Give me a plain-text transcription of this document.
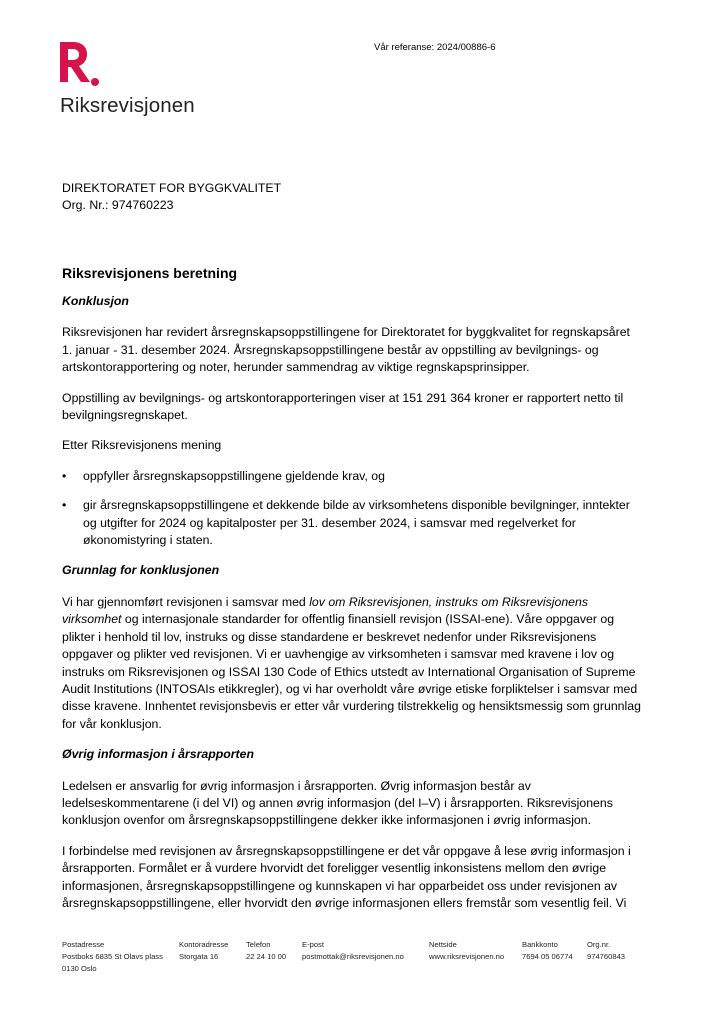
Riksrevisjonen
Vår referanse: 2024/00886-6
DIREKTORATET FOR BYGGKVALITET
Org. Nr.: 974760223
Riksrevisjonens beretning
Konklusjon

Riksrevisjonen har revidert årsregnskapsoppstillingene for Direktoratet for byggkvalitet for regnskapsåret 1. januar - 31. desember 2024. Årsregnskapsoppstillingene består av oppstilling av bevilgnings- og artskontorapportering og noter, herunder sammendrag av viktige regnskapsprinsipper.

Oppstilling av bevilgnings- og artskontorapporteringen viser at 151 291 364 kroner er rapportert netto til bevilgningsregnskapet.

Etter Riksrevisjonens mening

• oppfyller årsregnskapsoppstillingene gjeldende krav, og
• gir årsregnskapsoppstillingene et dekkende bilde av virksomhetens disponible bevilgninger, inntekter og utgifter for 2024 og kapitalposter per 31. desember 2024, i samsvar med regelverket for økonomistyring i staten.
Grunnlag for konklusjonen

Vi har gjennomført revisjonen i samsvar med lov om Riksrevisjonen, instruks om Riksrevisjonens virksomhet og internasjonale standarder for offentlig finansiell revisjon (ISSAI-ene). Våre oppgaver og plikter i henhold til lov, instruks og disse standardene er beskrevet nedenfor under Riksrevisjonens oppgaver og plikter ved revisjonen. Vi er uavhengige av virksomheten i samsvar med kravene i lov og instruks om Riksrevisjonen og ISSAI 130 Code of Ethics utstedt av International Organisation of Supreme Audit Institutions (INTOSAIs etikkregler), og vi har overholdt våre øvrige etiske forpliktelser i samsvar med disse kravene. Innhentet revisjonsbevis er etter vår vurdering tilstrekkelig og hensiktsmessig som grunnlag for vår konklusjon.

Øvrig informasjon i årsrapporten

Ledelsen er ansvarlig for øvrig informasjon i årsrapporten. Øvrig informasjon består av ledelseskommentarene (i del VI) og annen øvrig informasjon (del I–V) i årsrapporten. Riksrevisjonens konklusjon ovenfor om årsregnskapsoppstillingene dekker ikke informasjonen i øvrig informasjon.

I forbindelse med revisjonen av årsregnskapsoppstillingene er det vår oppgave å lese øvrig informasjon i årsrapporten. Formålet er å vurdere hvorvidt det foreligger vesentlig inkonsistens mellom den øvrige informasjonen, årsregnskapsoppstillingene og kunnskapen vi har opparbeidet oss under revisjonen av årsregnskapsoppstillingene, eller hvorvidt den øvrige informasjonen ellers fremstår som vesentlig feil. Vi

Postadresse
Postboks 6835 St Olavs plass
0130 Oslo
Kontoradresse
Storgata 16
Telefon
22 24 10 00
E-post
postmottak@riksrevisjonen.no
Nettside
www.riksrevisjonen.no
Bankkonto
7694 05 06774
Org.nr.
974760843
